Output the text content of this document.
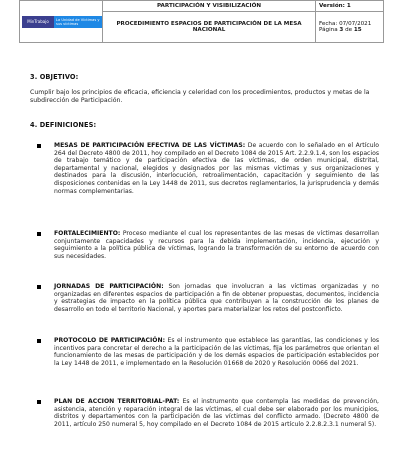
MinTrabajo La Unidad de Víctimas y sus víctimas	PARTICIPACIÓN Y VISIBILIZACIÓN	Versión: 1
	PROCEDIMIENTO ESPACIOS DE PARTICIPACIÓN DE LA MESA NACIONAL	Fecha: 07/07/2021
Página 3 de 15
3. OBJETIVO:
Cumplir bajo los principios de eficacia, eficiencia y celeridad con los procedimientos, productos y metas de la subdirección de Participación.
4. DEFINICIONES:
MESAS DE PARTICIPACIÓN EFECTIVA DE LAS VÍCTIMAS: De acuerdo con lo señalado en el Artículo 264 del Decreto 4800 de 2011, hoy compilado en el Decreto 1084 de 2015 Art. 2.2.9.1.4, son los espacios de trabajo temático y de participación efectiva de las víctimas, de orden municipal, distrital, departamental y nacional, elegidos y designados por las mismas víctimas y sus organizaciones y destinados para la discusión, interlocución, retroalimentación, capacitación y seguimiento de las disposiciones contenidas en la Ley 1448 de 2011, sus decretos reglamentarios, la jurisprudencia y demás normas complementarias.
FORTALECIMIENTO: Proceso mediante el cual los representantes de las mesas de víctimas desarrollan conjuntamente capacidades y recursos para la debida implementación, incidencia, ejecución y seguimiento a la política pública de víctimas, logrando la transformación de su entorno de acuerdo con sus necesidades.
JORNADAS DE PARTICIPACIÓN: Son jornadas que involucran a las víctimas organizadas y no organizadas en diferentes espacios de participación a fin de obtener propuestas, documentos, incidencia y estrategias de impacto en la política pública que contribuyen a la construcción de los planes de desarrollo en todo el territorio Nacional, y aportes para materializar los retos del postconflicto.
PROTOCOLO DE PARTICIPACIÓN: Es el instrumento que establece las garantías, las condiciones y los incentivos para concretar el derecho a la participación de las víctimas, fija los parámetros que orientan el funcionamiento de las mesas de participación y de los demás espacios de participación establecidos por la Ley 1448 de 2011, e implementado en la Resolución 01668 de 2020 y Resolución 0066 del 2021.
PLAN DE ACCION TERRITORIAL-PAT: Es el instrumento que contempla las medidas de prevención, asistencia, atención y reparación integral de las víctimas, el cual debe ser elaborado por los municipios, distritos y departamentos con la participación de las víctimas del conflicto armado. (Decreto 4800 de 2011, artículo 250 numeral 5, hoy compilado en el Decreto 1084 de 2015 artículo 2.2.8.2.3.1 numeral 5).
